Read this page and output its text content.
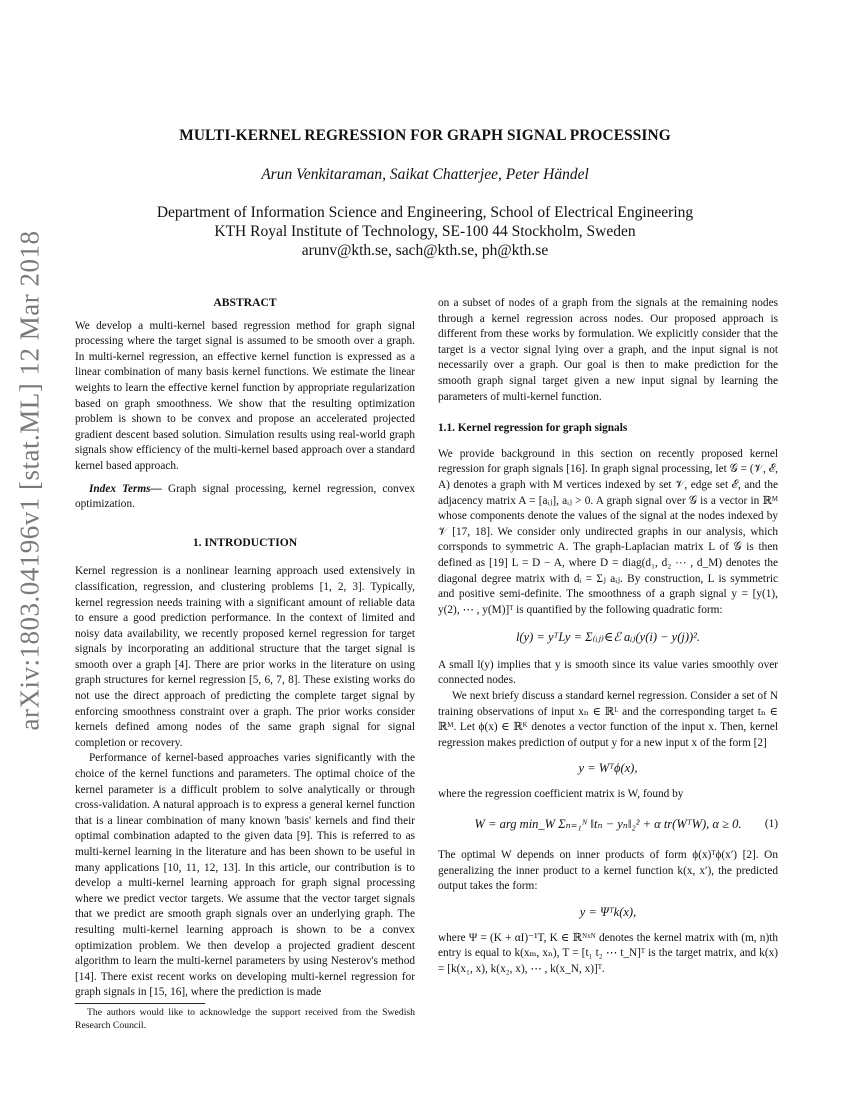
arXiv:1803.04196v1 [stat.ML] 12 Mar 2018
MULTI-KERNEL REGRESSION FOR GRAPH SIGNAL PROCESSING
Arun Venkitaraman, Saikat Chatterjee, Peter Händel
Department of Information Science and Engineering, School of Electrical Engineering
KTH Royal Institute of Technology, SE-100 44 Stockholm, Sweden
arunv@kth.se, sach@kth.se, ph@kth.se

ABSTRACT

We develop a multi-kernel based regression method for graph signal processing where the target signal is assumed to be smooth over a graph. In multi-kernel regression, an effective kernel function is expressed as a linear combination of many basis kernel functions. We estimate the linear weights to learn the effective kernel function by appropriate regularization based on graph smoothness. We show that the resulting optimization problem is shown to be convex and propose an accelerated projected gradient descent based solution. Simulation results using real-world graph signals show efficiency of the multi-kernel based approach over a standard kernel based approach.

Index Terms— Graph signal processing, kernel regression, convex optimization.

1. INTRODUCTION

Kernel regression is a nonlinear learning approach used extensively in classification, regression, and clustering problems [1, 2, 3]. Typically, kernel regression needs training with a significant amount of reliable data to ensure a good prediction performance. In the context of limited and noisy data availability, we recently proposed kernel regression for target signals by incorporating an additional structure that the target signal is smooth over a graph [4]. There are prior works in the literature on using graph structures for kernel regression [5, 6, 7, 8]. These existing works do not use the direct approach of predicting the complete target signal by enforcing smoothness constraint over a graph. The prior works consider kernels defined among nodes of the same graph signal for signal completion or recovery.

Performance of kernel-based approaches varies significantly with the choice of the kernel functions and parameters. The optimal choice of the kernel parameter is a difficult problem to solve analytically or through cross-validation. A natural approach is to express a general kernel function that is a linear combination of many known 'basis' kernels and find their optimal combination adapted to the given data [9]. This is referred to as multi-kernel learning in the literature and has been shown to be useful in many applications [10, 11, 12, 13]. In this article, our contribution is to develop a multi-kernel learning approach for graph signal processing where we predict vector targets. We assume that the vector target signals that we predict are smooth graph signals over an underlying graph. The resulting multi-kernel learning approach is shown to be a convex optimization problem. We then develop a projected gradient descent algorithm to learn the multi-kernel parameters by using Nesterov's method [14]. There exist recent works on developing multi-kernel regression for graph signals in [15, 16], where the prediction is made

The authors would like to acknowledge the support received from the Swedish Research Council.

on a subset of nodes of a graph from the signals at the remaining nodes through a kernel regression across nodes. Our proposed approach is different from these works by formulation. We explicitly consider that the target is a vector signal lying over a graph, and the input signal is not necessarily over a graph. Our goal is then to make prediction for the smooth graph signal target given a new input signal by learning the parameters of multi-kernel function.

1.1. Kernel regression for graph signals

We provide background in this section on recently proposed kernel regression for graph signals [16]. In graph signal processing, let 𝒢 = (𝒱, ℰ, A) denotes a graph with M vertices indexed by set 𝒱, edge set ℰ, and the adjacency matrix A = [aᵢⱼ], aᵢⱼ > 0. A graph signal over 𝒢 is a vector in ℝᴹ whose components denote the values of the signal at the nodes indexed by 𝒱 [17, 18]. We consider only undirected graphs in our analysis, which corrsponds to symmetric A. The graph-Laplacian matrix L of 𝒢 is then defined as [19] L = D − A, where D = diag(d₁, d₂ ⋯ , d_M) denotes the diagonal degree matrix with dᵢ = Σⱼ aᵢⱼ. By construction, L is symmetric and positive semi-definite. The smoothness of a graph signal y = [y(1), y(2), ⋯ , y(M)]ᵀ is quantified by the following quadratic form:

l(y) = yᵀLy = Σ₍ᵢⱼ₎∈ℰ aᵢⱼ(y(i) − y(j))².

A small l(y) implies that y is smooth since its value varies smoothly over connected nodes.

We next briefy discuss a standard kernel regression. Consider a set of N training observations of input xₙ ∈ ℝᴸ and the corresponding target tₙ ∈ ℝᴹ. Let ϕ(x) ∈ ℝᴷ denotes a vector function of the input x. Then, kernel regression makes prediction of output y for a new input x of the form [2]

y = Wᵀϕ(x),

where the regression coefficient matrix is W, found by

W = arg min_W Σₙ₌₁ᴺ ‖tₙ − yₙ‖₂² + α tr(WᵀW), α ≥ 0. (1)

The optimal W depends on inner products of form ϕ(x)ᵀϕ(x′) [2]. On generalizing the inner product to a kernel function k(x, x′), the predicted output takes the form:

y = Ψᵀk(x),

where Ψ = (K + αI)⁻¹T, K ∈ ℝᴺˣᴺ denotes the kernel matrix with (m, n)th entry is equal to k(xₘ, xₙ), T = [t₁ t₂ ⋯ t_N]ᵀ is the target matrix, and k(x) = [k(x₁, x), k(x₂, x), ⋯ , k(x_N, x)]ᵀ.
